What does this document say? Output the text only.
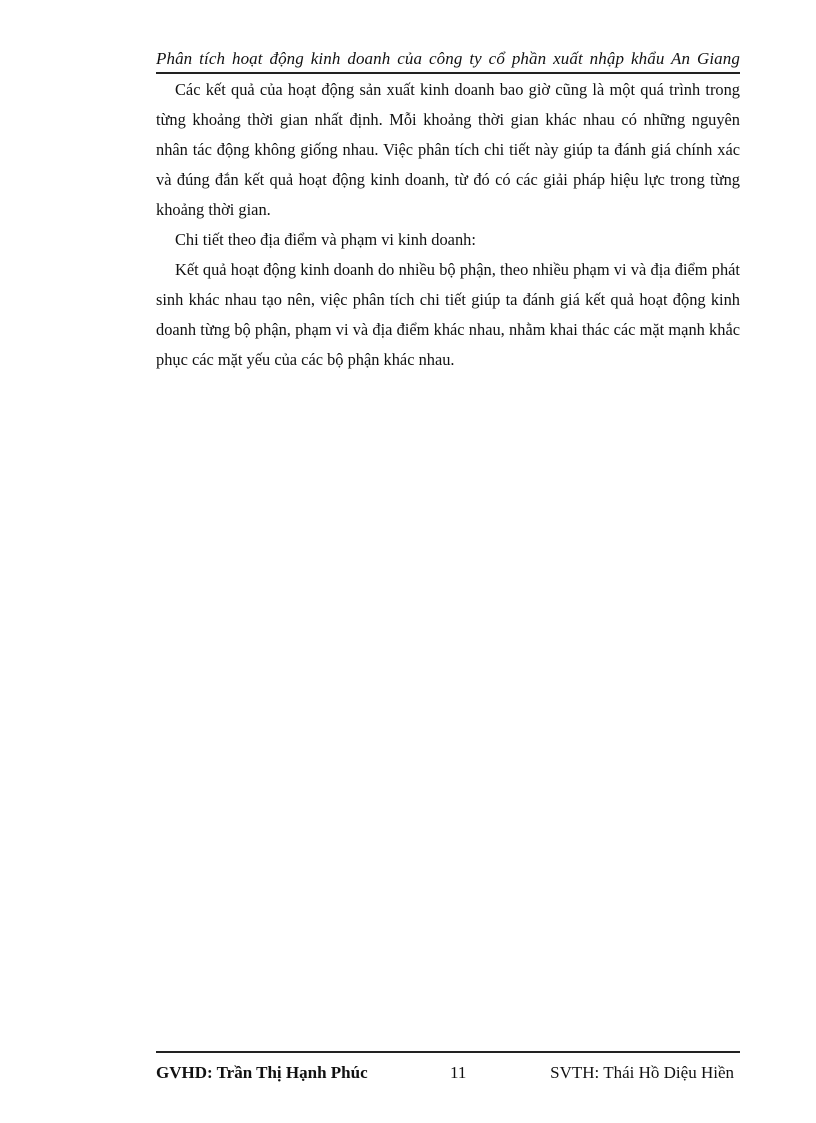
Phân tích hoạt động kinh doanh của công ty cổ phần xuất nhập khẩu An Giang

Các kết quả của hoạt động sản xuất kinh doanh bao giờ cũng là một quá trình trong từng khoảng thời gian nhất định. Mỗi khoảng thời gian khác nhau có những nguyên nhân tác động không giống nhau. Việc phân tích chi tiết này giúp ta đánh giá chính xác và đúng đắn kết quả hoạt động kinh doanh, từ đó có các giải pháp hiệu lực trong từng khoảng thời gian.

Chi tiết theo địa điểm và phạm vi kinh doanh:

Kết quả hoạt động kinh doanh do nhiều bộ phận, theo nhiều phạm vi và địa điểm phát sinh khác nhau tạo nên, việc phân tích chi tiết giúp ta đánh giá kết quả hoạt động kinh doanh từng bộ phận, phạm vi và địa điểm khác nhau, nhằm khai thác các mặt mạnh khắc phục các mặt yếu của các bộ phận khác nhau.

GVHD: Trần Thị Hạnh Phúc	11	SVTH: Thái Hồ Diệu Hiền
